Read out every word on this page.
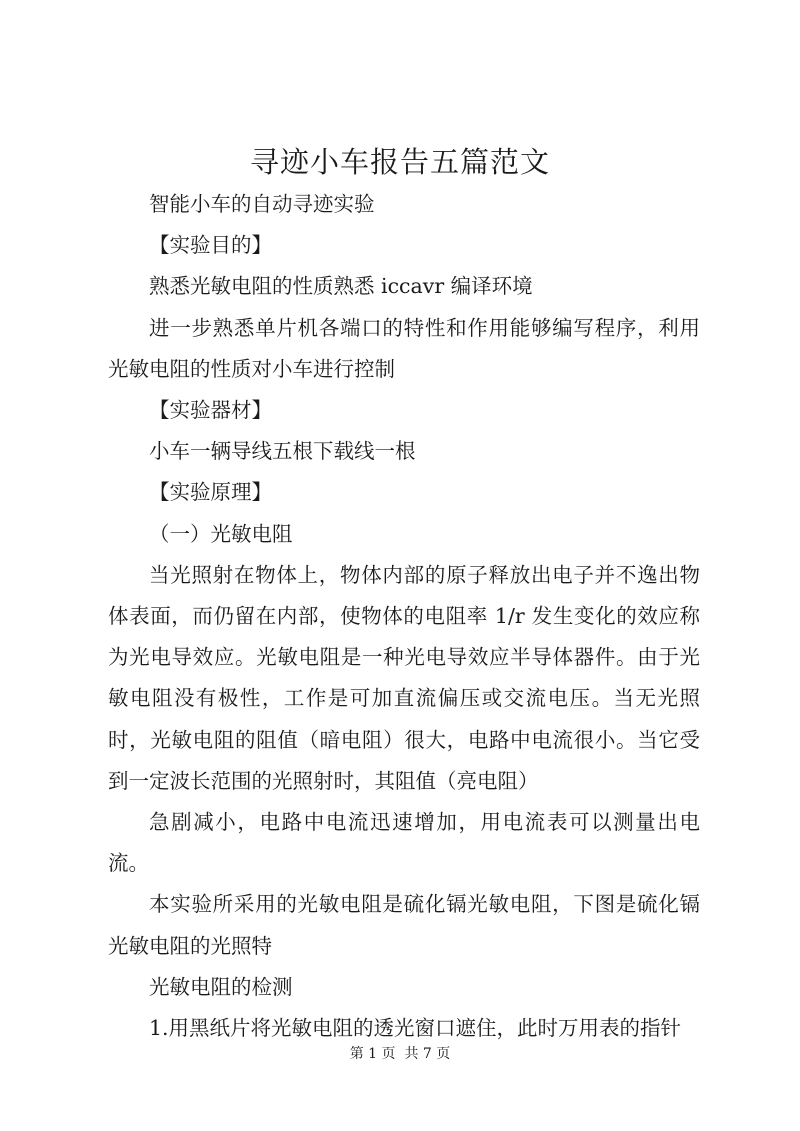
寻迹小车报告五篇范文

智能小车的自动寻迹实验

【实验目的】

熟悉光敏电阻的性质熟悉 iccavr 编译环境

进一步熟悉单片机各端口的特性和作用能够编写程序，利用光敏电阻的性质对小车进行控制

【实验器材】

小车一辆导线五根下载线一根

【实验原理】

（一）光敏电阻

当光照射在物体上，物体内部的原子释放出电子并不逸出物体表面，而仍留在内部，使物体的电阻率 1/r 发生变化的效应称为光电导效应。光敏电阻是一种光电导效应半导体器件。由于光敏电阻没有极性，工作是可加直流偏压或交流电压。当无光照时，光敏电阻的阻值（暗电阻）很大，电路中电流很小。当它受到一定波长范围的光照射时，其阻值（亮电阻）

急剧减小，电路中电流迅速增加，用电流表可以测量出电流。

本实验所采用的光敏电阻是硫化镉光敏电阻，下图是硫化镉光敏电阻的光照特

光敏电阻的检测

1.用黑纸片将光敏电阻的透光窗口遮住，此时万用表的指针

第 1 页  共 7 页
